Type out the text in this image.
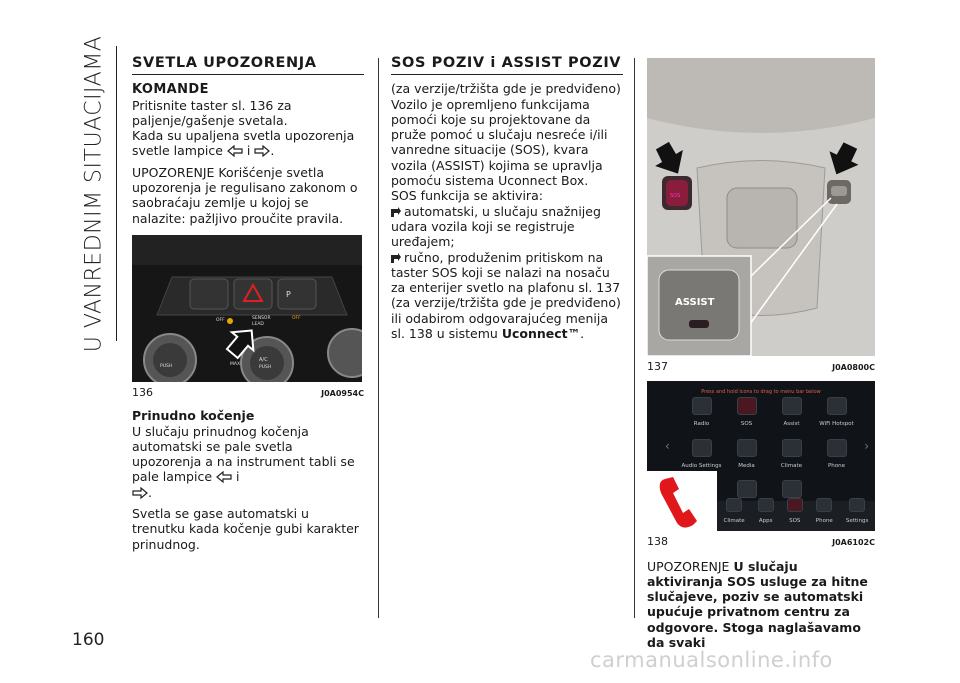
U VANREDNIM SITUACIJAMA
160
SVETLA UPOZORENJA
KOMANDE

Pritisnite taster sl. 136 za paljenje/gašenje svetala.

Kada su upaljena svetla upozorenja svetle lampice i .

UPOZORENJE Korišćenje svetla upozorenja je regulisano zakonom o saobraćaju zemlje u kojoj se nalazite: pažljivo proučite pravila.

P
OFF	SENSOR
LEAD
OFF
PUSH
A/C
PUSH
MAX
136	J0A0954C
Prinudno kočenje

U slučaju prinudnog kočenja automatski se pale svetla upozorenja a na instrument tabli se pale lampice i
.

Svetla se gase automatski u trenutku kada kočenje gubi karakter prinudnog.

SOS POZIV i ASSIST POZIV

(za verzije/tržišta gde je predviđeno)

Vozilo je opremljeno funkcijama pomoći koje su projektovane da pruže pomoć u slučaju nesreće i/ili vanredne situacije (SOS), kvara vozila (ASSIST) kojima se upravlja pomoću sistema Uconnect Box.

SOS funkcija se aktivira:

automatski, u slučaju snažnijeg udara vozila koji se registruje uređajem;

ručno, produženim pritiskom na taster SOS koji se nalazi na nosaču za enterijer svetlo na plafonu sl. 137 (za verzije/tržišta gde je predviđeno) ili odabirom odgovarajućeg menija sl. 138 u sistemu Uconnect™.

SOS
ASSIST
137	J0A0800C
Press and hold icons to drag to menu bar below
‹	›
Radio	SOS	Assist	WiFi Hotspot
Audio Settings	Media	Climate	Phone
Climate	Apps	SOS	Phone Settings
138	J0A6102C

UPOZORENJE U slučaju aktiviranja SOS usluge za hitne slučajeve, poziv se automatski upućuje privatnom centru za odgovore. Stoga naglašavamo da svaki

carmanualsonline.info
